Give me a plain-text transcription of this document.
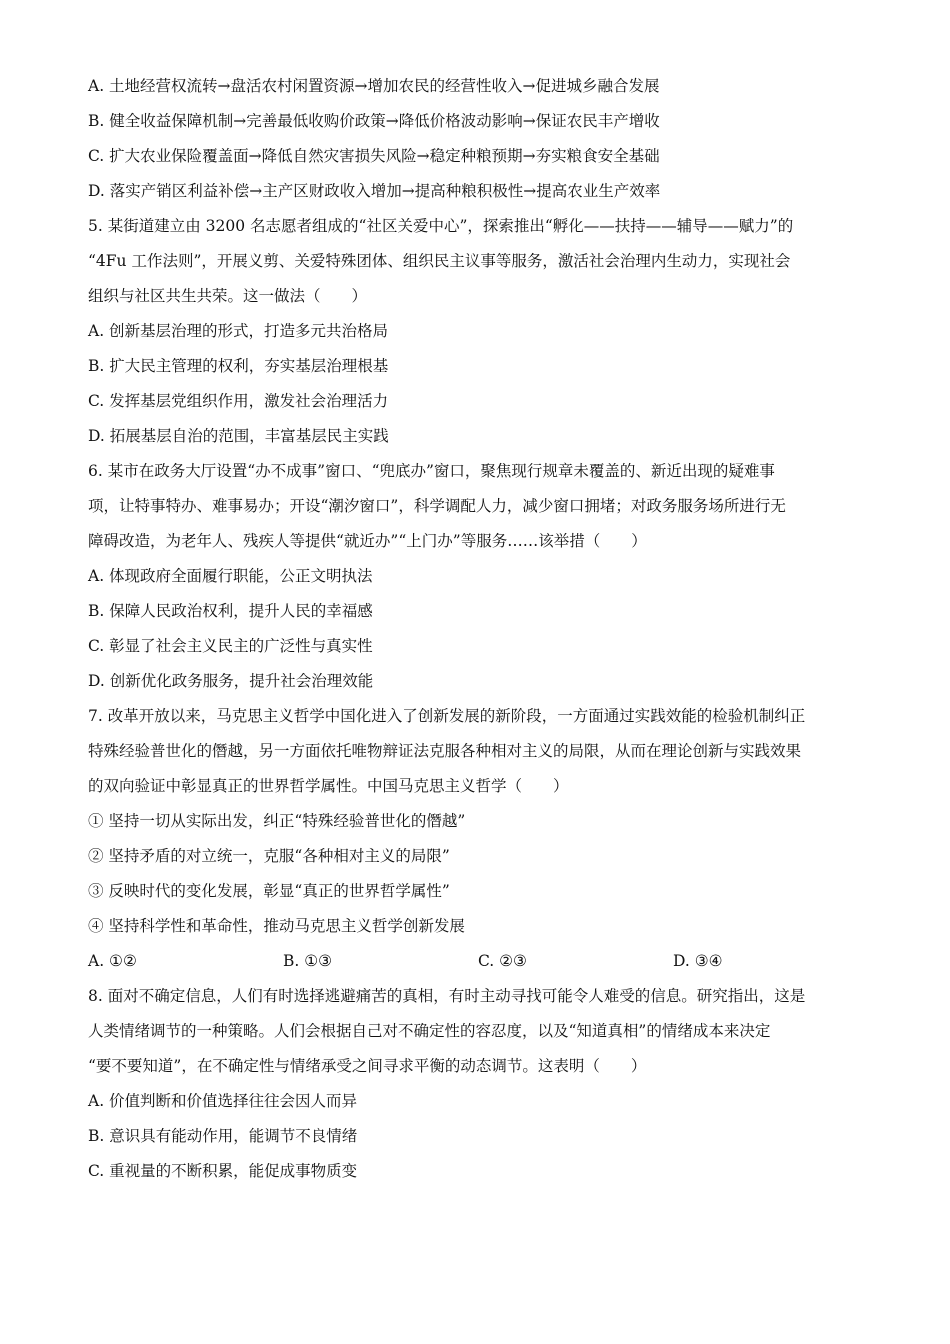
A. 土地经营权流转→盘活农村闲置资源→增加农民的经营性收入→促进城乡融合发展

B. 健全收益保障机制→完善最低收购价政策→降低价格波动影响→保证农民丰产增收

C. 扩大农业保险覆盖面→降低自然灾害损失风险→稳定种粮预期→夯实粮食安全基础

D. 落实产销区利益补偿→主产区财政收入增加→提高种粮积极性→提高农业生产效率

5. 某街道建立由 3200 名志愿者组成的“社区关爱中心”，探索推出“孵化——扶持——辅导——赋力”的

“4Fu 工作法则”，开展义剪、关爱特殊团体、组织民主议事等服务，激活社会治理内生动力，实现社会

组织与社区共生共荣。这一做法（　　）

A. 创新基层治理的形式，打造多元共治格局

B. 扩大民主管理的权利，夯实基层治理根基

C. 发挥基层党组织作用，激发社会治理活力

D. 拓展基层自治的范围，丰富基层民主实践

6. 某市在政务大厅设置“办不成事”窗口、“兜底办”窗口，聚焦现行规章未覆盖的、新近出现的疑难事

项，让特事特办、难事易办；开设“潮汐窗口”，科学调配人力，减少窗口拥堵；对政务服务场所进行无

障碍改造，为老年人、残疾人等提供“就近办”“上门办”等服务……该举措（　　）

A. 体现政府全面履行职能，公正文明执法

B. 保障人民政治权利，提升人民的幸福感

C. 彰显了社会主义民主的广泛性与真实性

D. 创新优化政务服务，提升社会治理效能

7. 改革开放以来，马克思主义哲学中国化进入了创新发展的新阶段，一方面通过实践效能的检验机制纠正

特殊经验普世化的僭越，另一方面依托唯物辩证法克服各种相对主义的局限，从而在理论创新与实践效果

的双向验证中彰显真正的世界哲学属性。中国马克思主义哲学（　　）

① 坚持一切从实际出发，纠正“特殊经验普世化的僭越”

② 坚持矛盾的对立统一，克服“各种相对主义的局限”

③ 反映时代的变化发展，彰显“真正的世界哲学属性”

④ 坚持科学性和革命性，推动马克思主义哲学创新发展

A. ①②	B. ①③	C. ②③	D. ③④

8. 面对不确定信息，人们有时选择逃避痛苦的真相，有时主动寻找可能令人难受的信息。研究指出，这是

人类情绪调节的一种策略。人们会根据自己对不确定性的容忍度，以及“知道真相”的情绪成本来决定

“要不要知道”，在不确定性与情绪承受之间寻求平衡的动态调节。这表明（　　）

A. 价值判断和价值选择往往会因人而异

B. 意识具有能动作用，能调节不良情绪

C. 重视量的不断积累，能促成事物质变
